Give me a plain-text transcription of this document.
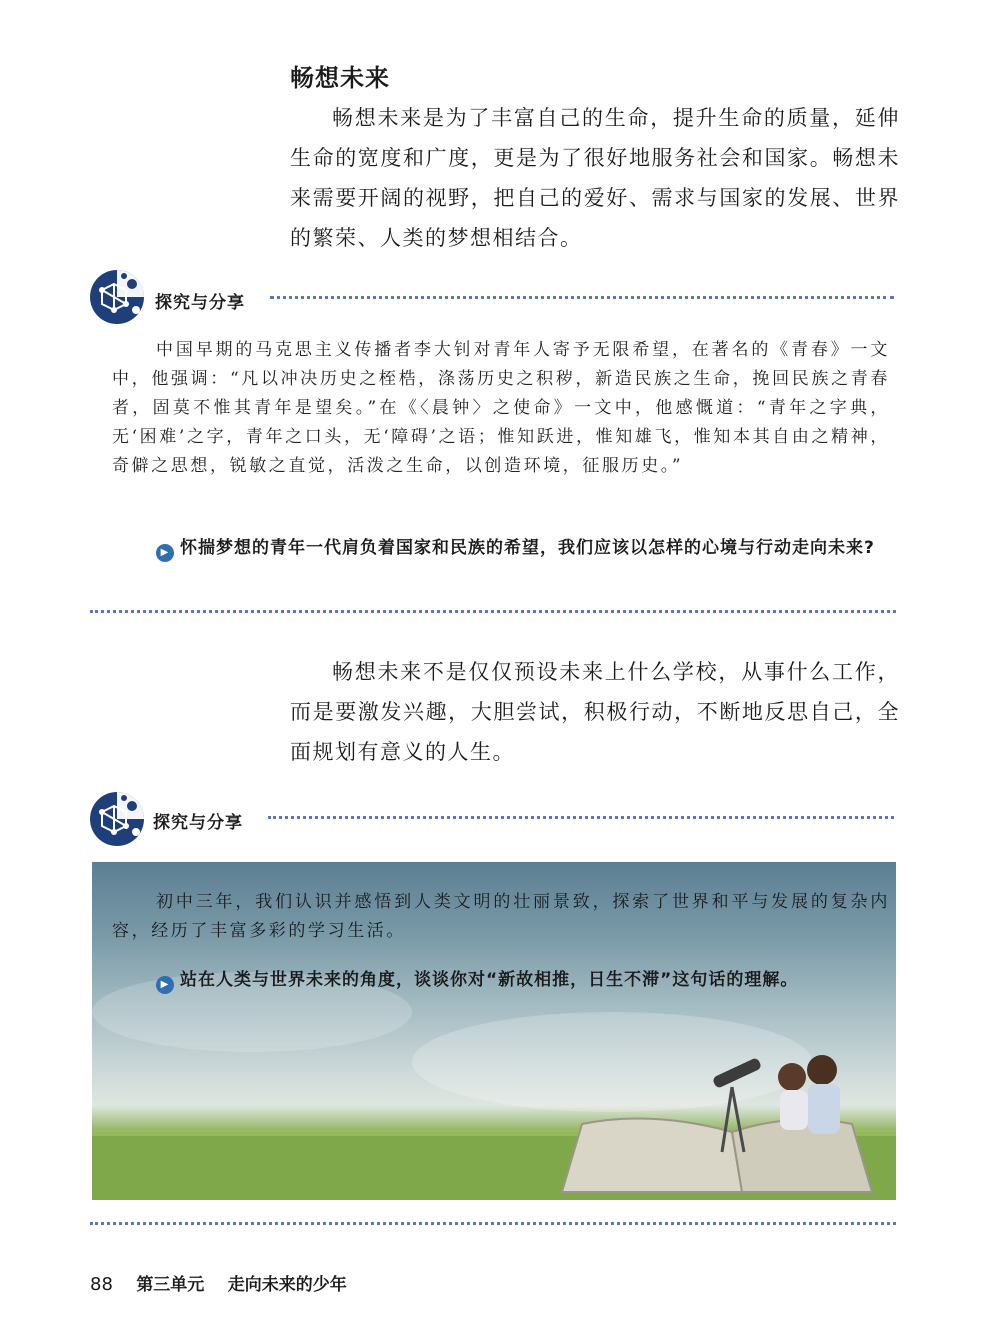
畅想未来

畅想未来是为了丰富自己的生命，提升生命的质量，延伸生命的宽度和广度，更是为了很好地服务社会和国家。畅想未来需要开阔的视野，把自己的爱好、需求与国家的发展、世界的繁荣、人类的梦想相结合。

探究与分享

中国早期的马克思主义传播者李大钊对青年人寄予无限希望，在著名的《青春》一文中，他强调：“凡以冲决历史之桎梏，涤荡历史之积秽，新造民族之生命，挽回民族之青春者，固莫不惟其青年是望矣。”在《〈晨钟〉之使命》一文中，他感慨道：“青年之字典，无‘困难’之字，青年之口头，无‘障碍’之语；惟知跃进，惟知雄飞，惟知本其自由之精神，奇僻之思想，锐敏之直觉，活泼之生命，以创造环境，征服历史。”

▶ 怀揣梦想的青年一代肩负着国家和民族的希望，我们应该以怎样的心境与行动走向未来?

畅想未来不是仅仅预设未来上什么学校，从事什么工作，而是要激发兴趣，大胆尝试，积极行动，不断地反思自己，全面规划有意义的人生。

探究与分享

初中三年，我们认识并感悟到人类文明的壮丽景致，探索了世界和平与发展的复杂内容，经历了丰富多彩的学习生活。

▶ 站在人类与世界未来的角度，谈谈你对“新故相推，日生不滞”这句话的理解。

88 第三单元 走向未来的少年
